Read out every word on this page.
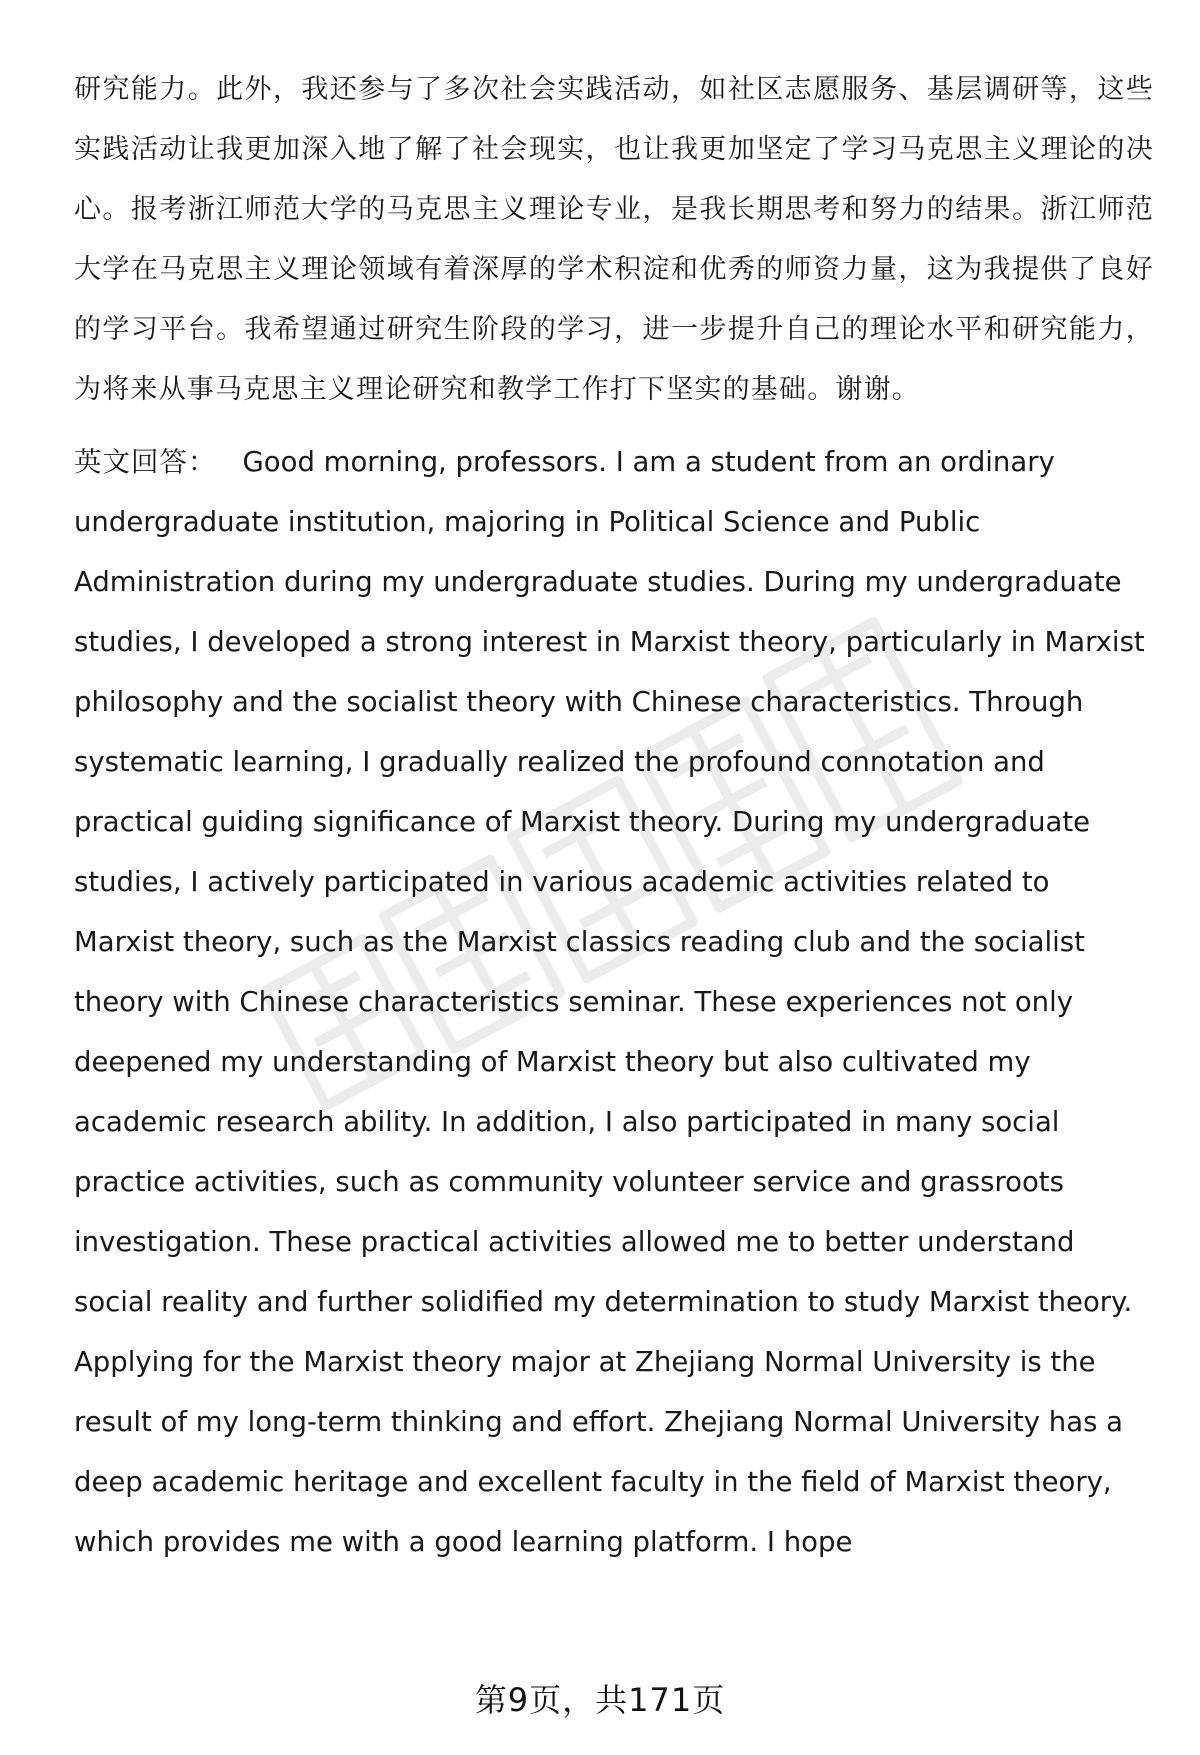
研究能力。此外，我还参与了多次社会实践活动，如社区志愿服务、基层调研等，这些实践活动让我更加深入地了解了社会现实，也让我更加坚定了学习马克思主义理论的决心。报考浙江师范大学的马克思主义理论专业，是我长期思考和努力的结果。浙江师范大学在马克思主义理论领域有着深厚的学术积淀和优秀的师资力量，这为我提供了良好的学习平台。我希望通过研究生阶段的学习，进一步提升自己的理论水平和研究能力，为将来从事马克思主义理论研究和教学工作打下坚实的基础。谢谢。

英文回答： Good morning, professors. I am a student from an ordinary undergraduate institution, majoring in Political Science and Public Administration during my undergraduate studies. During my undergraduate studies, I developed a strong interest in Marxist theory, particularly in Marxist philosophy and the socialist theory with Chinese characteristics. Through systematic learning, I gradually realized the profound connotation and practical guiding significance of Marxist theory. During my undergraduate studies, I actively participated in various academic activities related to Marxist theory, such as the Marxist classics reading club and the socialist theory with Chinese characteristics seminar. These experiences not only deepened my understanding of Marxist theory but also cultivated my academic research ability. In addition, I also participated in many social practice activities, such as community volunteer service and grassroots investigation. These practical activities allowed me to better understand social reality and further solidified my determination to study Marxist theory. Applying for the Marxist theory major at Zhejiang Normal University is the result of my long-term thinking and effort. Zhejiang Normal University has a deep academic heritage and excellent faculty in the field of Marxist theory, which provides me with a good learning platform. I hope

第9页，共171页
